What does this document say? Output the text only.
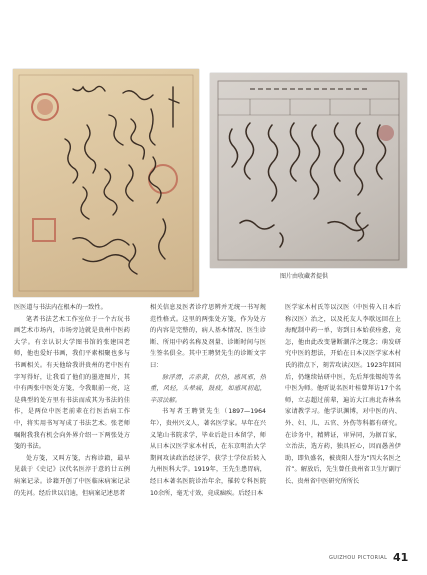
图片由收藏者提供

医医道与书法内在根本的一致性。

笔者书法艺术工作室位于一个古玩书画艺术市场内，市场旁边就是贵州中医药大学。有幸认识大学图书馆的张建国老师，他也爱好书画，我们平素相聚也多与书画相关。有天他给我讲贵州的老中医有字写得好，让我看了他们的墨迹图片，其中有两张中医处方笺，令我眼前一亮，这是典型的处方里有书法而成其为书法的佳作，是两位中医老前辈在行医治病工作中，将实用书写写成了书法艺术。张老师嘱附我我有机会向外界介绍一下两张处方笺的书法。

处方笺，又叫方笺，古称诊籍，最早见载于《史记》汉代名医淳于意的廿五例病案记录。诊籍开创了中医临床病案记录的先河。经后世以启迪，但病案记述思者

相关信息及医者诊疗思辨并无统一书写规范性格式。这里的两张处方笺，作为处方的内容是完整的，病人基本情况、医生诊断、所用中药名称及剂量、诊断时间与医生签名俱全。其中王聘贤先生的诊断文字曰：

脉浮滑，舌赤黄，伏热，感风邪，热重，风轻，头晕痛，鼓疲，如感风初起，辛凉法解。

书写者王聘贤先生（1897—1964年），贵州兴义人，著名医学家。早年在兴义笔山书院求学，毕业后赴日本留学，师从日本汉医学家木村氏，在东京明治大学期间攻读政治经济学，获学士学位后转入九州医科大学。1919年，王先生患胃病，经日本著名医院诊治年余，罹转专科医院10余所，毫无寸效，竟成痼疾。后经日本

医学家木村氏等以汉医（中医传入日本后称汉医）治之，以及托友人李歇远回在上海配制中药一单，寄到日本始获痊愈，竟怎，他由此改变暑断潮洋之现念；萌发研究中医的想法，开始在日本汉医学家木村氏的指点下，刻苦攻读汉医。1923年回国后，仍继续钻研中医，先后拜张锡纯等名中医为师。他听说名医叶桂曾拜访17个名师，立志超过前辈，遍访大江南北杏林名家请教学习。他学识渊博，对中医的内、外、妇、儿、五官、外伤等科都有研究。在诊务中，精辨证，审异同，为据百家，立治法，选方药，独具匠心，因而愚善伊助，即负盛名，被贵阳人誉为“四大名医之首”。解放后，先生曾任贵州省卫生厅副厅长、贵州省中医研究所所长

GUIZHOU PICTORIAL 41
